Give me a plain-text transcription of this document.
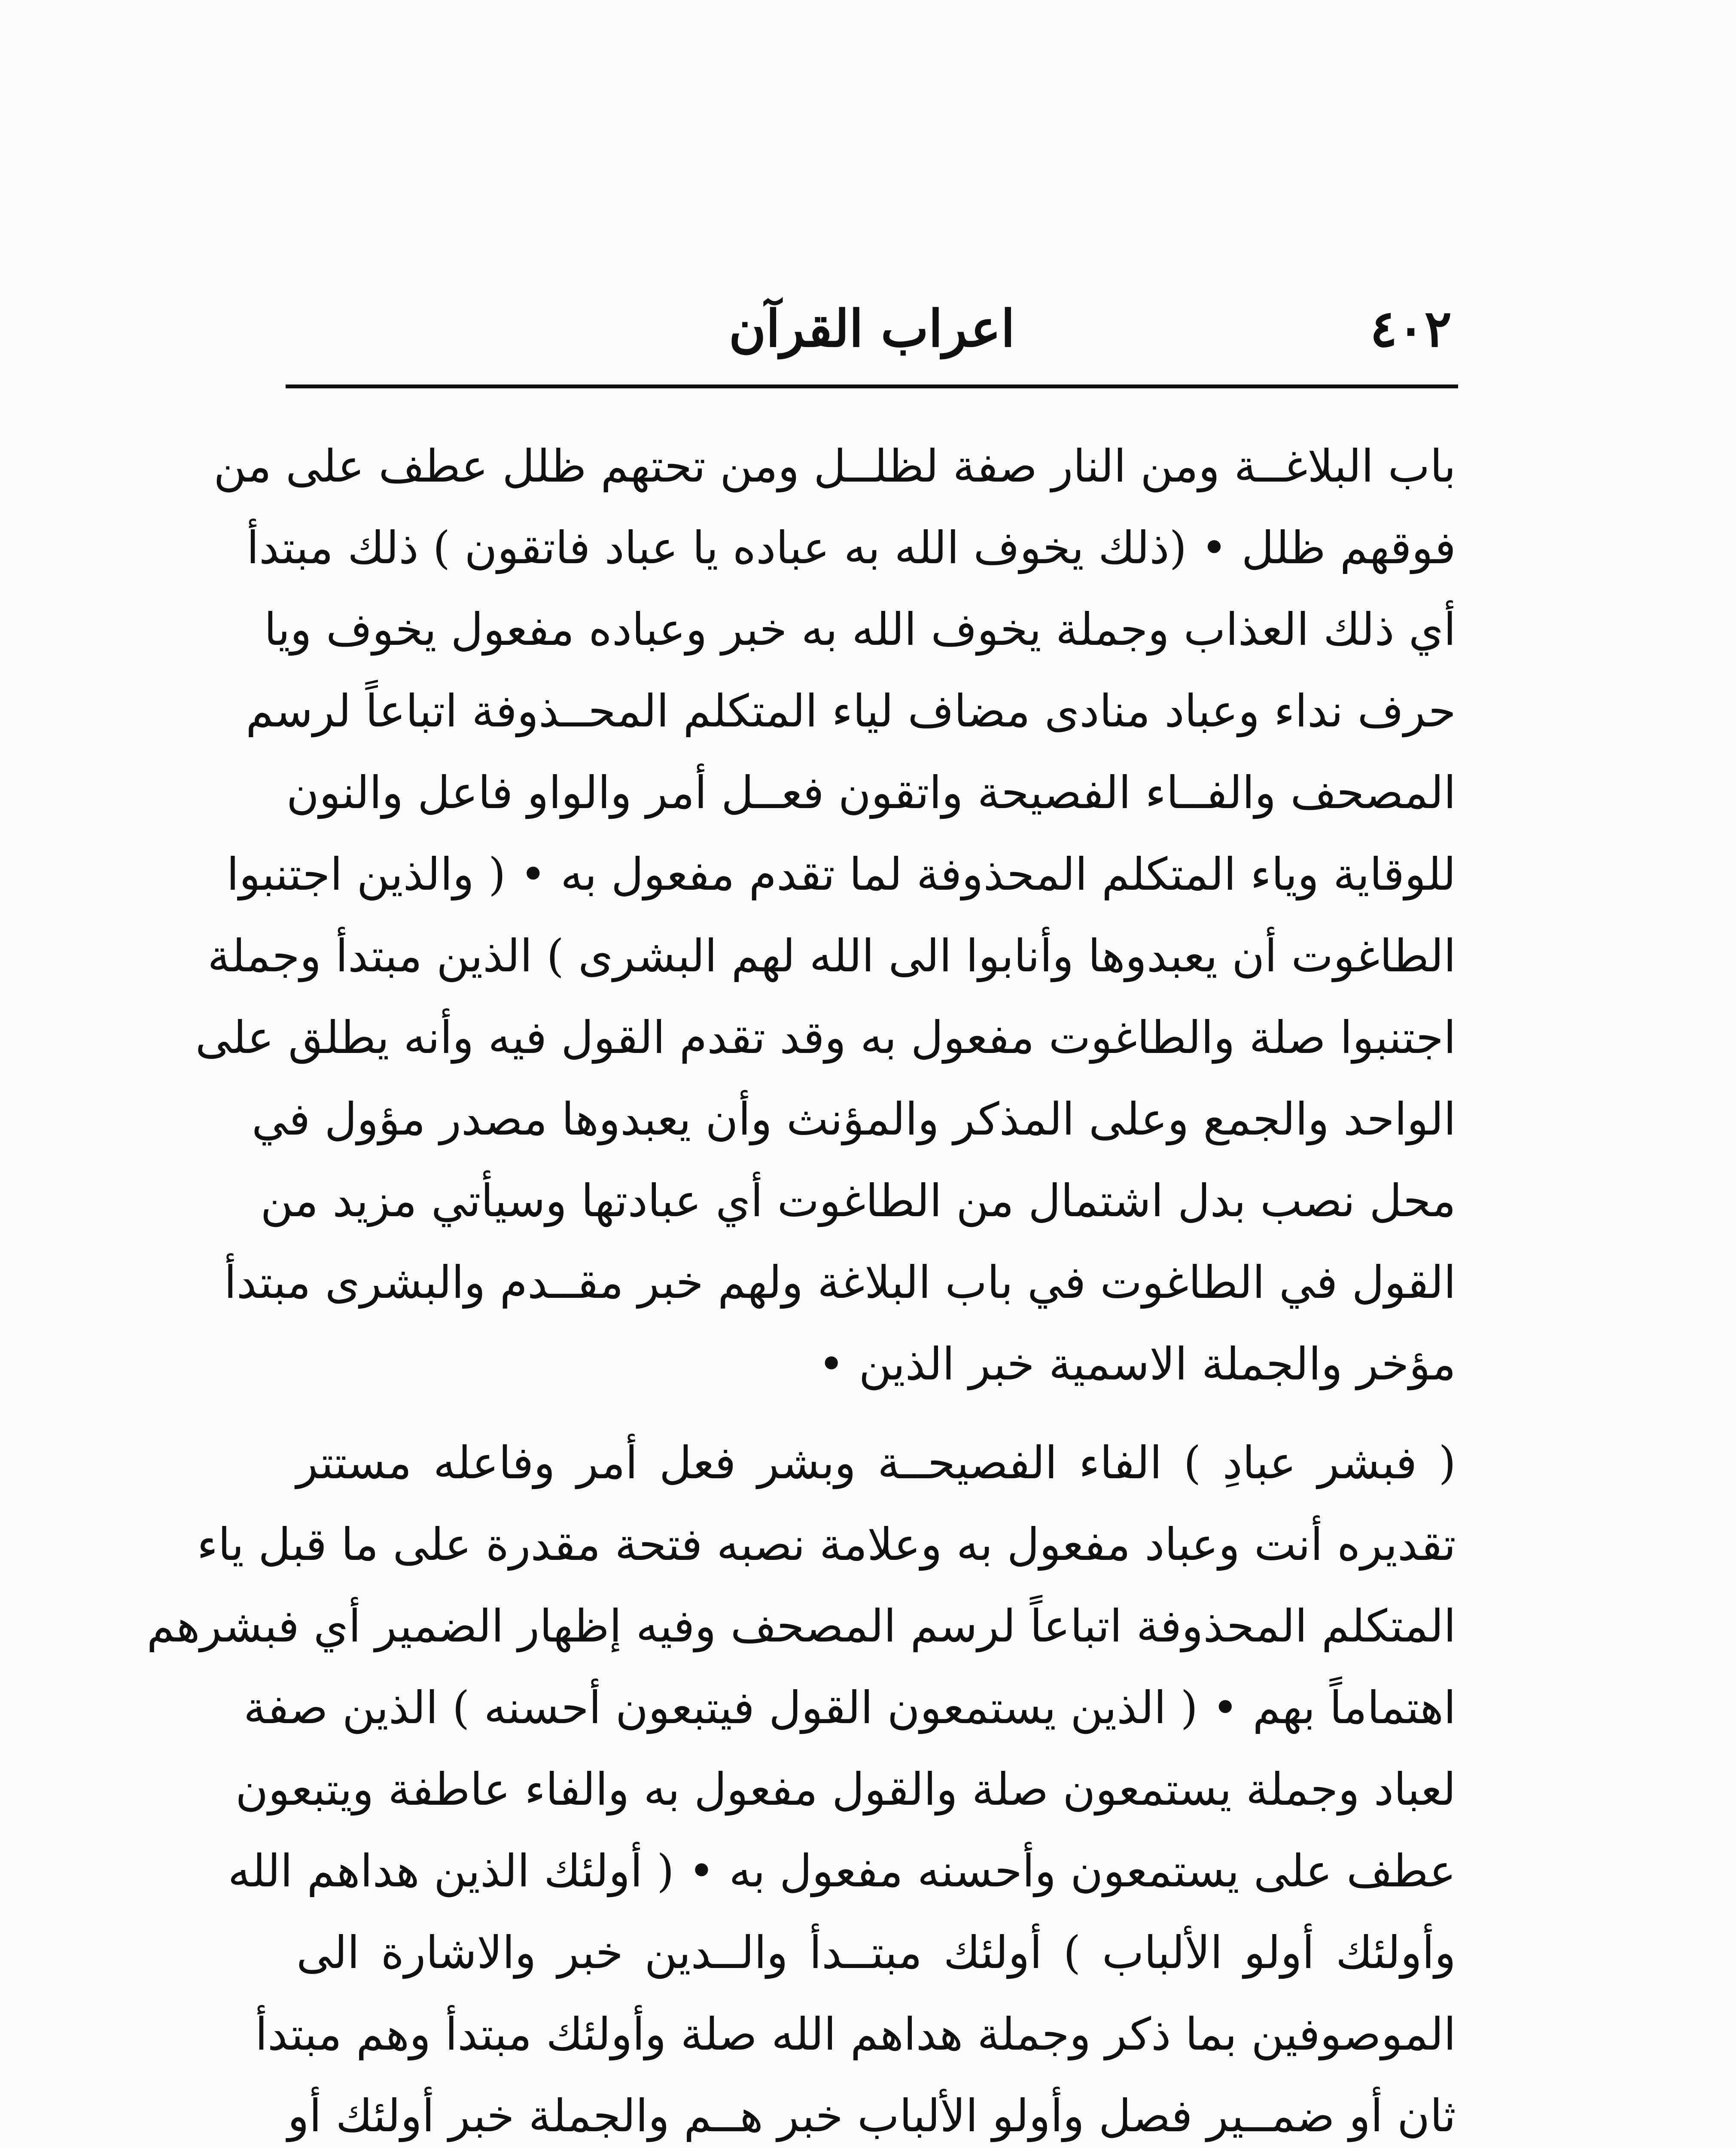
٤٠٢
اعراب القرآن
باب البلاغــة ومن النار صفة لظلــل ومن تحتهم ظلل عطف على من
فوقهم ظلل • (ذلك يخوف الله به عباده يا عباد فاتقون ) ذلك مبتدأ
أي ذلك العذاب وجملة يخوف الله به خبر وعباده مفعول يخوف ويا
حرف نداء وعباد منادى مضاف لياء المتكلم المحــذوفة اتباعاً لرسم
المصحف والفــاء الفصيحة واتقون فعــل أمر والواو فاعل والنون
للوقاية وياء المتكلم المحذوفة لما تقدم مفعول به • ( والذين اجتنبوا
الطاغوت أن يعبدوها وأنابوا الى الله لهم البشرى ) الذين مبتدأ وجملة
اجتنبوا صلة والطاغوت مفعول به وقد تقدم القول فيه وأنه يطلق على
الواحد والجمع وعلى المذكر والمؤنث وأن يعبدوها مصدر مؤول في
محل نصب بدل اشتمال من الطاغوت أي عبادتها وسيأتي مزيد من
القول في الطاغوت في باب البلاغة ولهم خبر مقــدم والبشرى مبتدأ
مؤخر والجملة الاسمية خبر الذين •
( فبشر عبادِ ) الفاء الفصيحــة وبشر فعل أمر وفاعله مستتر
تقديره أنت وعباد مفعول به وعلامة نصبه فتحة مقدرة على ما قبل ياء
المتكلم المحذوفة اتباعاً لرسم المصحف وفيه إظهار الضمير أي فبشرهم
اهتماماً بهم • ( الذين يستمعون القول فيتبعون أحسنه ) الذين صفة
لعباد وجملة يستمعون صلة والقول مفعول به والفاء عاطفة ويتبعون
عطف على يستمعون وأحسنه مفعول به • ( أولئك الذين هداهم الله
وأولئك أولو الألباب ) أولئك مبتــدأ والــدين خبر والاشارة الى
الموصوفين بما ذكر وجملة هداهم الله صلة وأولئك مبتدأ وهم مبتدأ
ثان أو ضمــير فصل وأولو الألباب خبر هــم والجملة خبر أولئك أو
